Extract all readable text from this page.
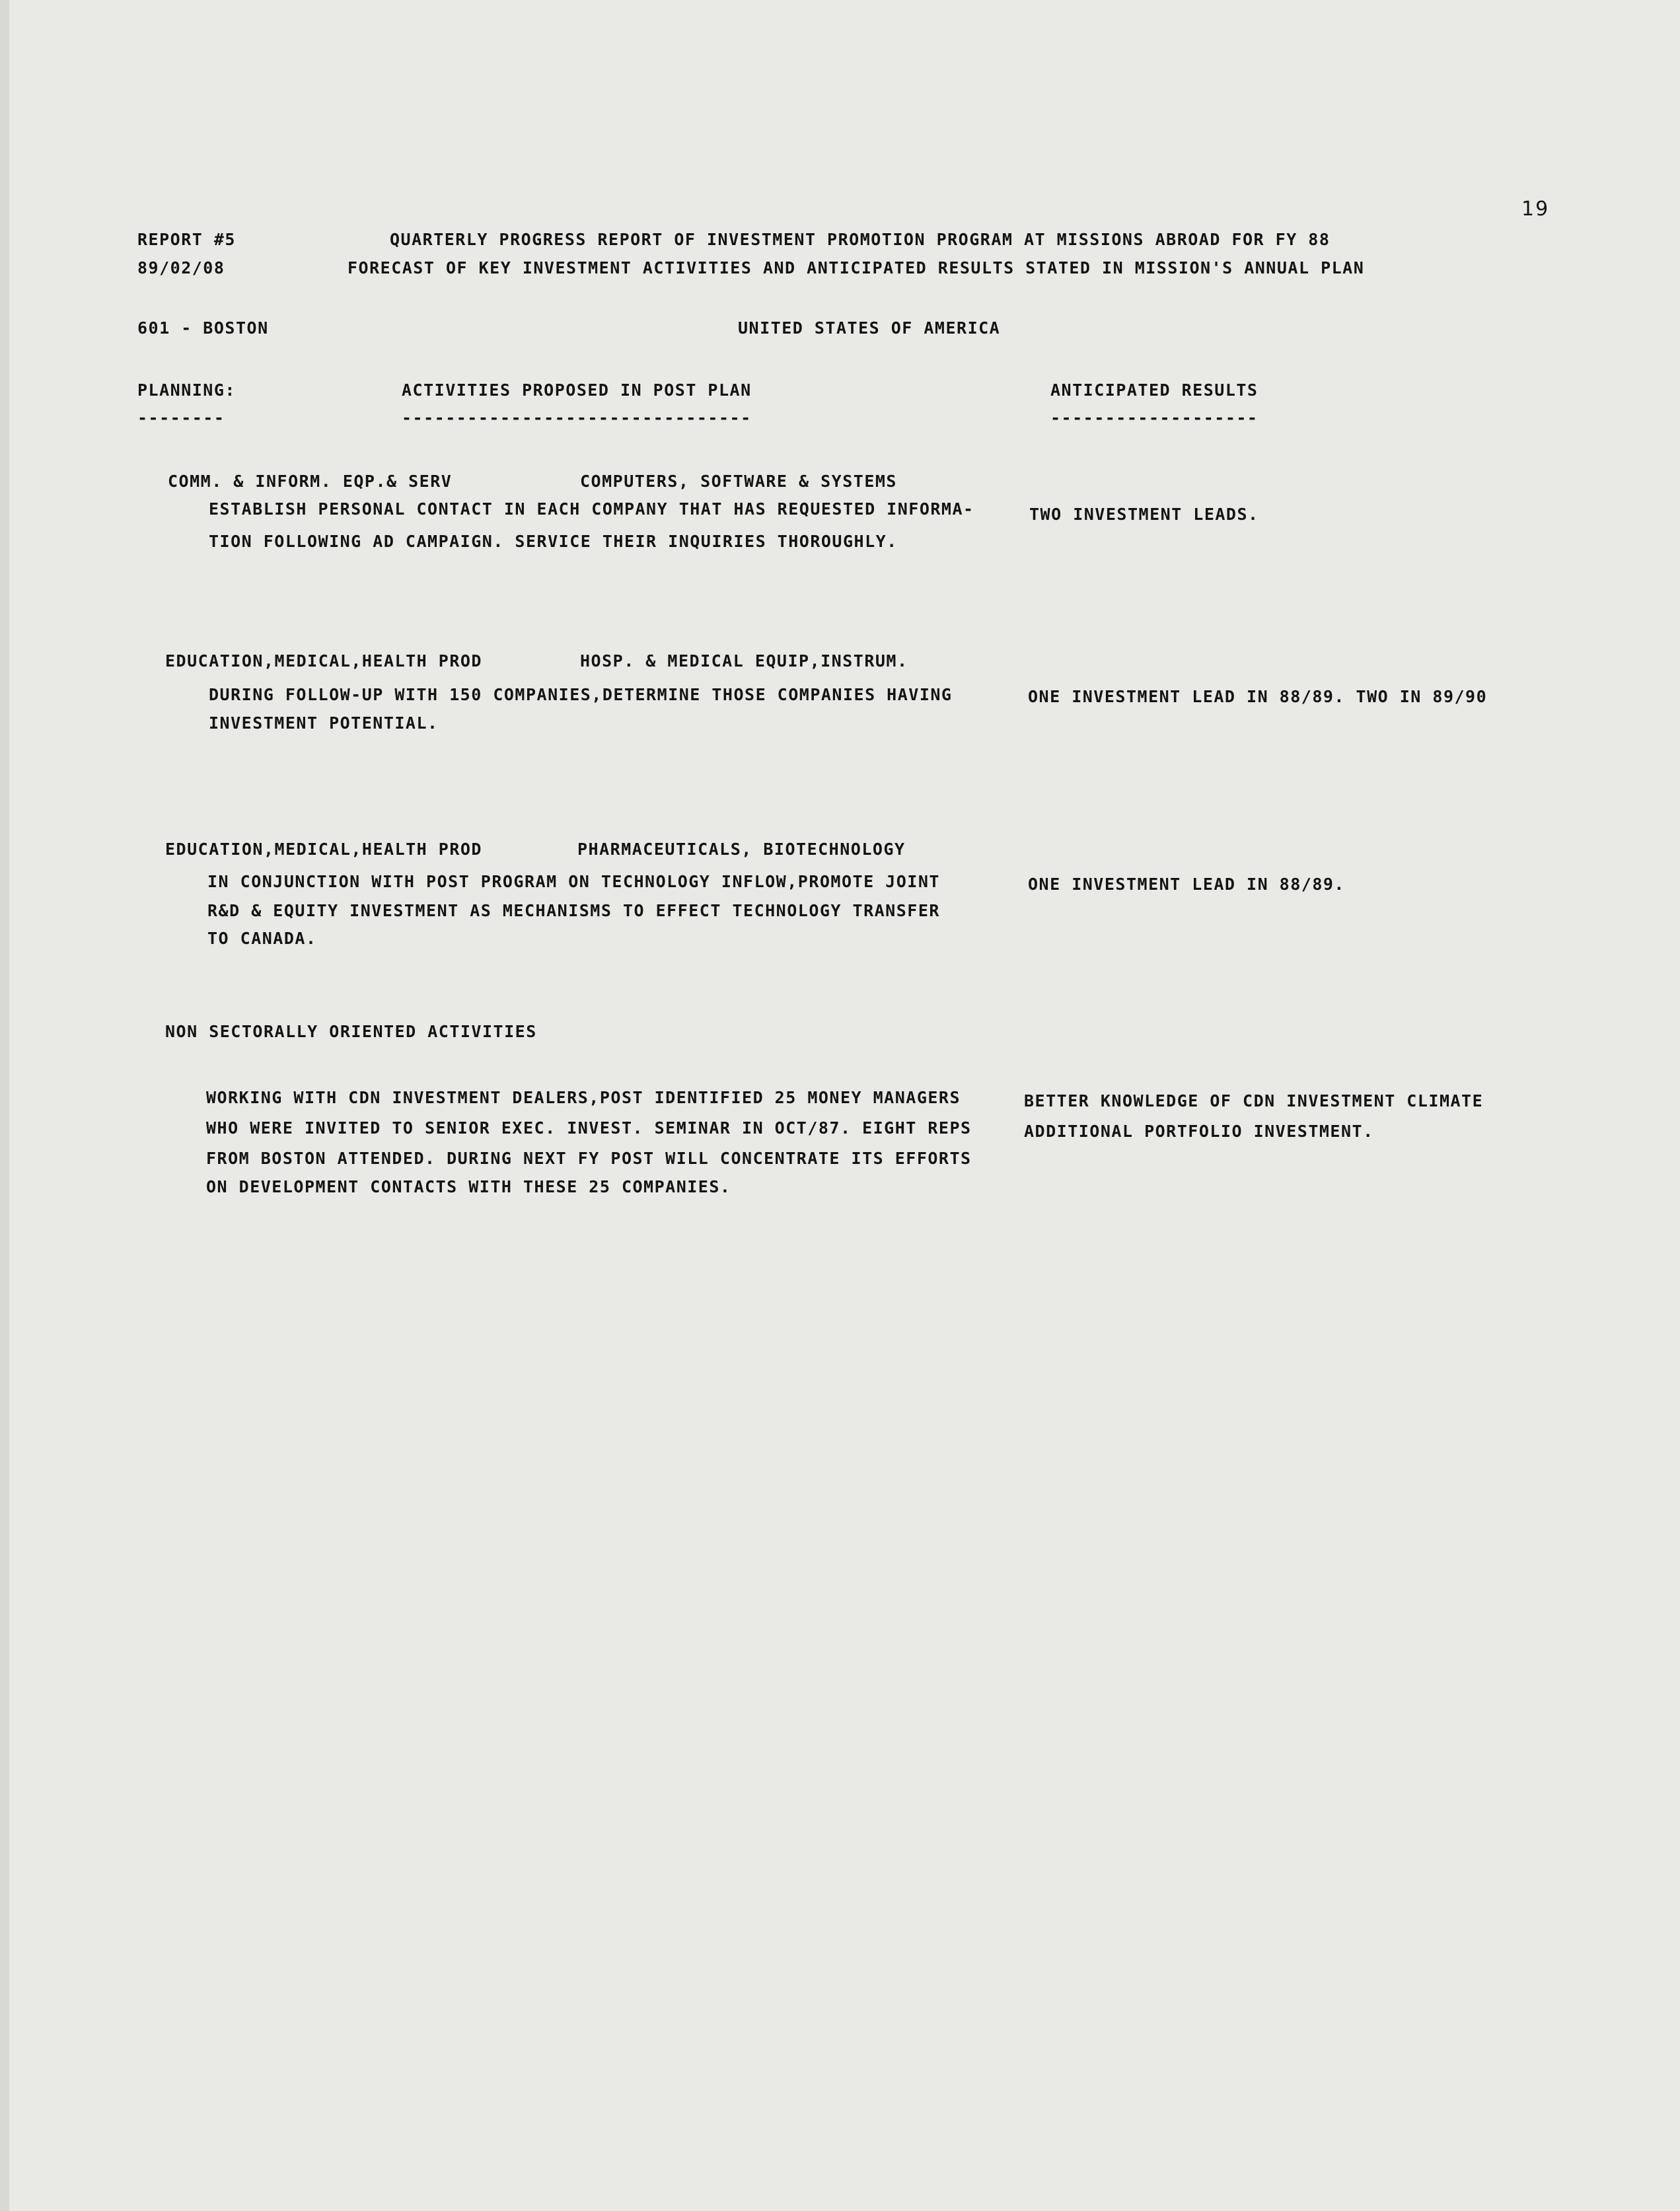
19
REPORT #5	QUARTERLY PROGRESS REPORT OF INVESTMENT PROMOTION PROGRAM AT MISSIONS ABROAD FOR FY 88
89/02/08	FORECAST OF KEY INVESTMENT ACTIVITIES AND ANTICIPATED RESULTS STATED IN MISSION'S ANNUAL PLAN
601 - BOSTON	UNITED STATES OF AMERICA
PLANNING:	ACTIVITIES PROPOSED IN POST PLAN	ANTICIPATED RESULTS
--------	--------------------------------	-------------------
COMM. & INFORM. EQP.& SERV	COMPUTERS, SOFTWARE & SYSTEMS
ESTABLISH PERSONAL CONTACT IN EACH COMPANY THAT HAS REQUESTED INFORMA-
TION FOLLOWING AD CAMPAIGN. SERVICE THEIR INQUIRIES THOROUGHLY.
TWO INVESTMENT LEADS.
EDUCATION,MEDICAL,HEALTH PROD	HOSP. & MEDICAL EQUIP,INSTRUM.
DURING FOLLOW-UP WITH 150 COMPANIES,DETERMINE THOSE COMPANIES HAVING
INVESTMENT POTENTIAL.
ONE INVESTMENT LEAD IN 88/89. TWO IN 89/90
EDUCATION,MEDICAL,HEALTH PROD	PHARMACEUTICALS, BIOTECHNOLOGY
IN CONJUNCTION WITH POST PROGRAM ON TECHNOLOGY INFLOW,PROMOTE JOINT
R&D & EQUITY INVESTMENT AS MECHANISMS TO EFFECT TECHNOLOGY TRANSFER
TO CANADA.
ONE INVESTMENT LEAD IN 88/89.
NON SECTORALLY ORIENTED ACTIVITIES
WORKING WITH CDN INVESTMENT DEALERS,POST IDENTIFIED 25 MONEY MANAGERS
WHO WERE INVITED TO SENIOR EXEC. INVEST. SEMINAR IN OCT/87. EIGHT REPS
FROM BOSTON ATTENDED. DURING NEXT FY POST WILL CONCENTRATE ITS EFFORTS
ON DEVELOPMENT CONTACTS WITH THESE 25 COMPANIES.
BETTER KNOWLEDGE OF CDN INVESTMENT CLIMATE
ADDITIONAL PORTFOLIO INVESTMENT.
